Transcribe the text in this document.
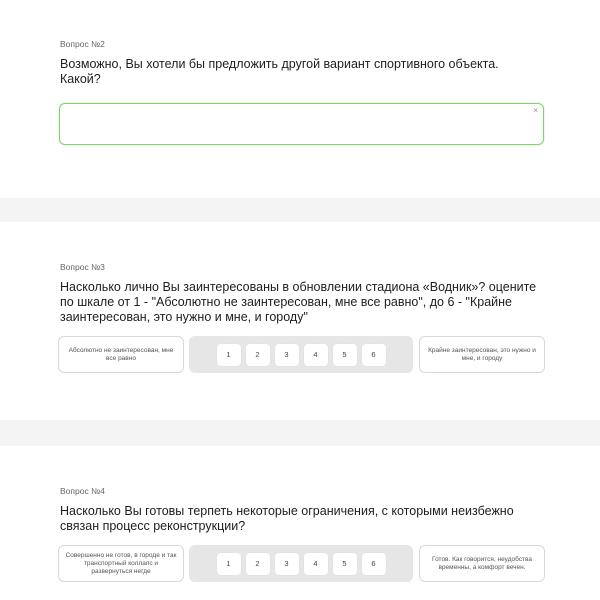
Вопрос №2
Возможно, Вы хотели бы предложить другой вариант спортивного объекта. Какой?
×
Вопрос №3
Насколько лично Вы заинтересованы в обновлении стадиона «Водник»? оцените по шкале от 1 - "Абсолютно не заинтересован, мне все равно", до 6 - "Крайне заинтересован, это нужно и мне, и городу"
Абсолютно не заинтересован, мне все равно	1	2	3	4	5	6	Крайне заинтересован, это нужно и мне, и городу
Вопрос №4
Насколько Вы готовы терпеть некоторые ограничения, с которыми неизбежно связан процесс реконструкции?
Совершенно не готов, в городе и так транспортный коллапс и развернуться негде
1	2	3	4	5	6	Готов. Как говорится, неудобства временны, а комфорт вечен.
